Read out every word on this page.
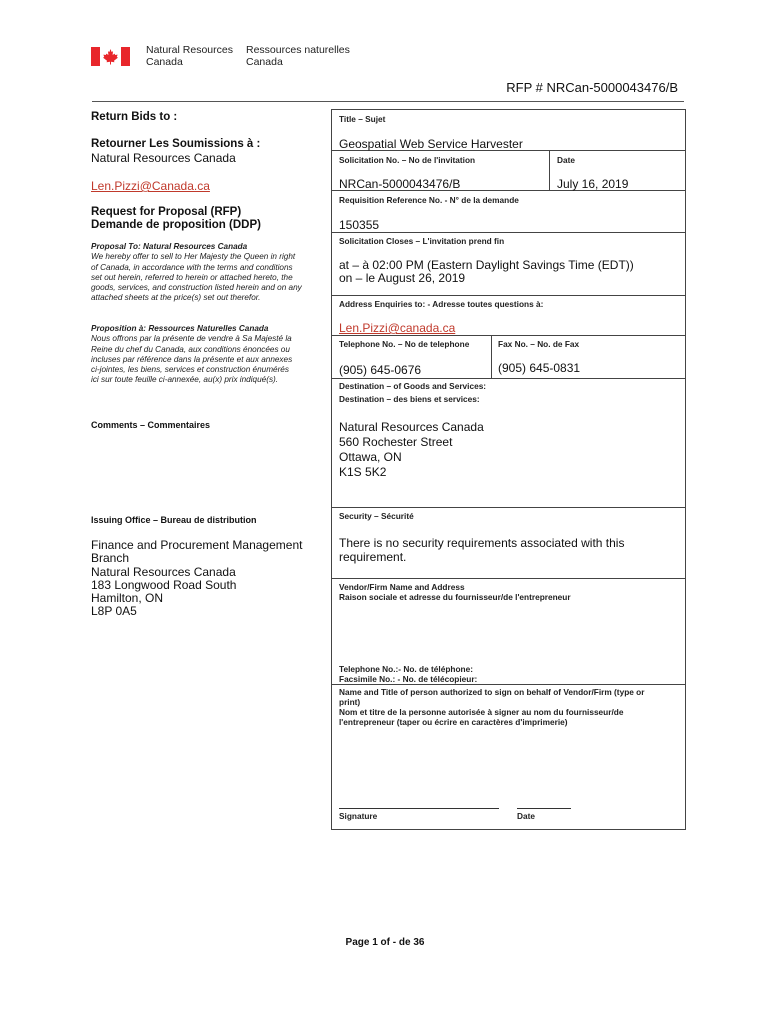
Natural Resources
Canada
Ressources naturelles
Canada
RFP # NRCan-5000043476/B
Return Bids to :
Retourner Les Soumissions à :
Natural Resources Canada
Len.Pizzi@Canada.ca
Request for Proposal (RFP)
Demande de proposition (DDP)
Proposal To: Natural Resources Canada
We hereby offer to sell to Her Majesty the Queen in right
of Canada, in accordance with the terms and conditions
set out herein, referred to herein or attached hereto, the
goods, services, and construction listed herein and on any
attached sheets at the price(s) set out therefor.
Proposition à: Ressources Naturelles Canada
Nous offrons par la présente de vendre à Sa Majesté la
Reine du chef du Canada, aux conditions énoncées ou
incluses par référence dans la présente et aux annexes
ci-jointes, les biens, services et construction énumérés
ici sur toute feuille ci-annexée, au(x) prix indiqué(s).
Comments – Commentaires
Issuing Office – Bureau de distribution
Finance and Procurement Management
Branch
Natural Resources Canada
183 Longwood Road South
Hamilton, ON
L8P 0A5
Title – Sujet
Geospatial Web Service Harvester
Solicitation No. – No de l'invitation
NRCan-5000043476/B
Date
July 16, 2019
Requisition Reference No. - N° de la demande
150355
Solicitation Closes – L'invitation prend fin
at – à 02:00 PM (Eastern Daylight Savings Time (EDT))
on – le August 26, 2019
Address Enquiries to: - Adresse toutes questions à:
Len.Pizzi@canada.ca
Telephone No. – No de telephone
(905) 645-0676
Fax No. – No. de Fax
(905) 645-0831
Destination – of Goods and Services:
Destination – des biens et services:
Natural Resources Canada
560 Rochester Street
Ottawa, ON
K1S 5K2
Security – Sécurité
There is no security requirements associated with this
requirement.
Vendor/Firm Name and Address
Raison sociale et adresse du fournisseur/de l'entrepreneur
Telephone No.:- No. de téléphone:
Facsimile No.: - No. de télécopieur:
Name and Title of person authorized to sign on behalf of Vendor/Firm (type or
print)
Nom et titre de la personne autorisée à signer au nom du fournisseur/de
l'entrepreneur (taper ou écrire en caractères d'imprimerie)
Signature	Date
Page 1 of - de 36
